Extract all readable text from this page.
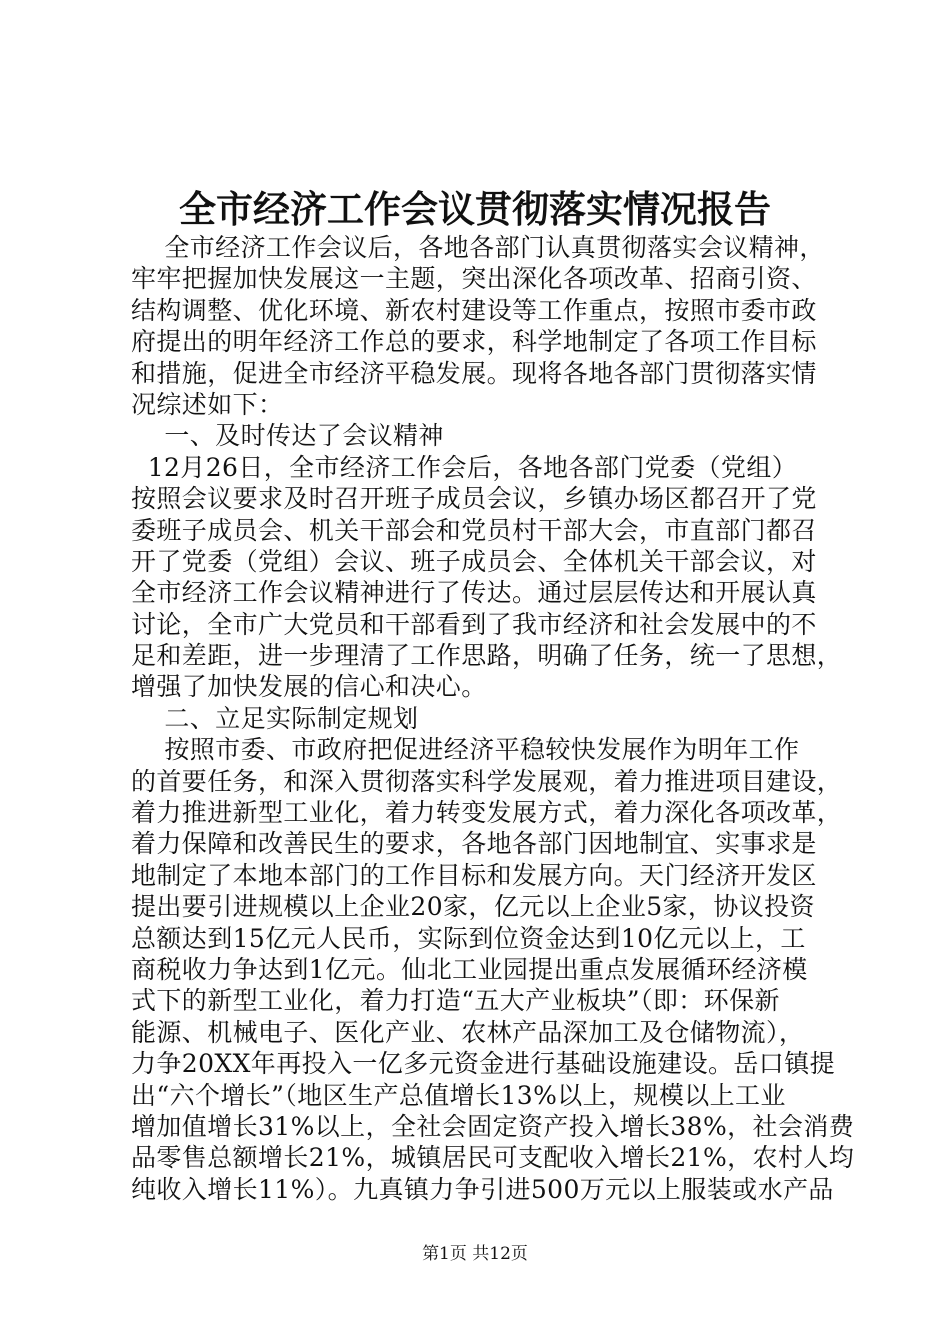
全市经济工作会议贯彻落实情况报告
全市经济工作会议后，各地各部门认真贯彻落实会议精神，
牢牢把握加快发展这一主题，突出深化各项改革、招商引资、
结构调整、优化环境、新农村建设等工作重点，按照市委市政
府提出的明年经济工作总的要求，科学地制定了各项工作目标
和措施，促进全市经济平稳发展。现将各地各部门贯彻落实情
况综述如下：
一、及时传达了会议精神
12月26日，全市经济工作会后，各地各部门党委（党组）
按照会议要求及时召开班子成员会议，乡镇办场区都召开了党
委班子成员会、机关干部会和党员村干部大会，市直部门都召
开了党委（党组）会议、班子成员会、全体机关干部会议，对
全市经济工作会议精神进行了传达。通过层层传达和开展认真
讨论，全市广大党员和干部看到了我市经济和社会发展中的不
足和差距，进一步理清了工作思路，明确了任务，统一了思想，
增强了加快发展的信心和决心。
二、立足实际制定规划
按照市委、市政府把促进经济平稳较快发展作为明年工作
的首要任务，和深入贯彻落实科学发展观，着力推进项目建设，
着力推进新型工业化，着力转变发展方式，着力深化各项改革，
着力保障和改善民生的要求，各地各部门因地制宜、实事求是
地制定了本地本部门的工作目标和发展方向。天门经济开发区
提出要引进规模以上企业20家，亿元以上企业5家，协议投资
总额达到15亿元人民币，实际到位资金达到10亿元以上，工
商税收力争达到1亿元。仙北工业园提出重点发展循环经济模
式下的新型工业化，着力打造“五大产业板块”（即：环保新
能源、机械电子、医化产业、农林产品深加工及仓储物流），
力争20XX年再投入一亿多元资金进行基础设施建设。岳口镇提
出“六个增长”（地区生产总值增长13%以上，规模以上工业
增加值增长31%以上，全社会固定资产投入增长38%，社会消费
品零售总额增长21%，城镇居民可支配收入增长21%，农村人均
纯收入增长11%）。九真镇力争引进500万元以上服装或水产品
第1页 共12页
